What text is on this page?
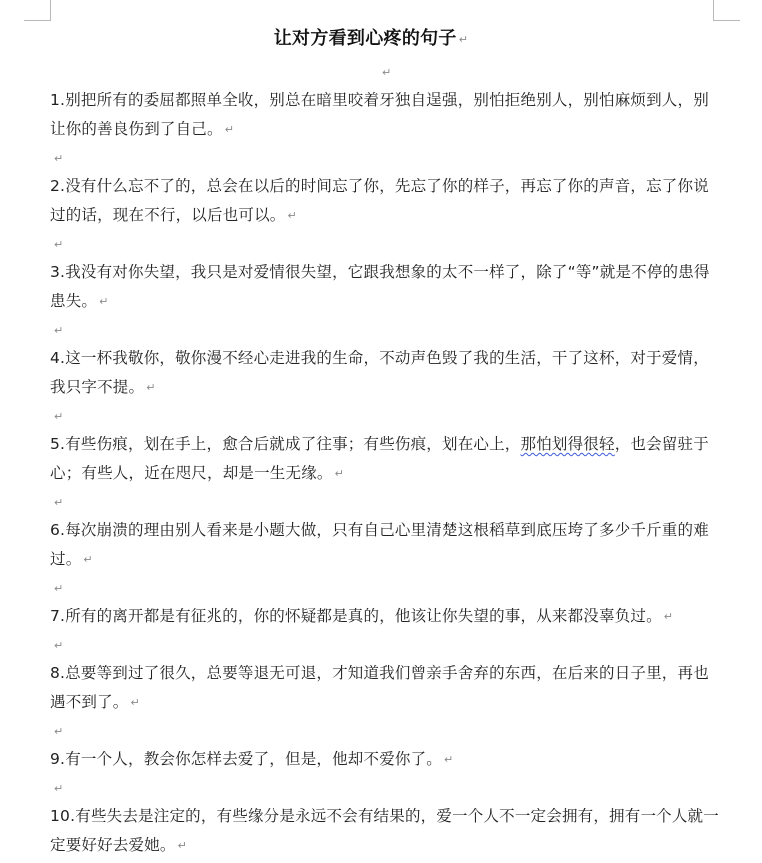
让对方看到心疼的句子 ↵
↵

1.别把所有的委屈都照单全收，别总在暗里咬着牙独自逞强，别怕拒绝别人，别怕麻烦到人，别让你的善良伤到了自己。 ↵

↵

2.没有什么忘不了的，总会在以后的时间忘了你，先忘了你的样子，再忘了你的声音，忘了你说过的话，现在不行，以后也可以。 ↵

↵

3.我没有对你失望，我只是对爱情很失望，它跟我想象的太不一样了，除了“等”就是不停的患得患失。 ↵

↵

4.这一杯我敬你，敬你漫不经心走进我的生命，不动声色毁了我的生活，干了这杯，对于爱情，我只字不提。 ↵

↵

5.有些伤痕，划在手上，愈合后就成了往事；有些伤痕，划在心上，那怕划得很轻，也会留驻于心；有些人，近在咫尺，却是一生无缘。 ↵

↵

6.每次崩溃的理由别人看来是小题大做，只有自己心里清楚这根稻草到底压垮了多少千斤重的难过。 ↵

↵

7.所有的离开都是有征兆的，你的怀疑都是真的，他该让你失望的事，从来都没辜负过。 ↵

↵

8.总要等到过了很久，总要等退无可退，才知道我们曾亲手舍弃的东西，在后来的日子里，再也遇不到了。 ↵

↵

9.有一个人，教会你怎样去爱了，但是，他却不爱你了。 ↵

↵

10.有些失去是注定的，有些缘分是永远不会有结果的，爱一个人不一定会拥有，拥有一个人就一定要好好去爱她。 ↵
